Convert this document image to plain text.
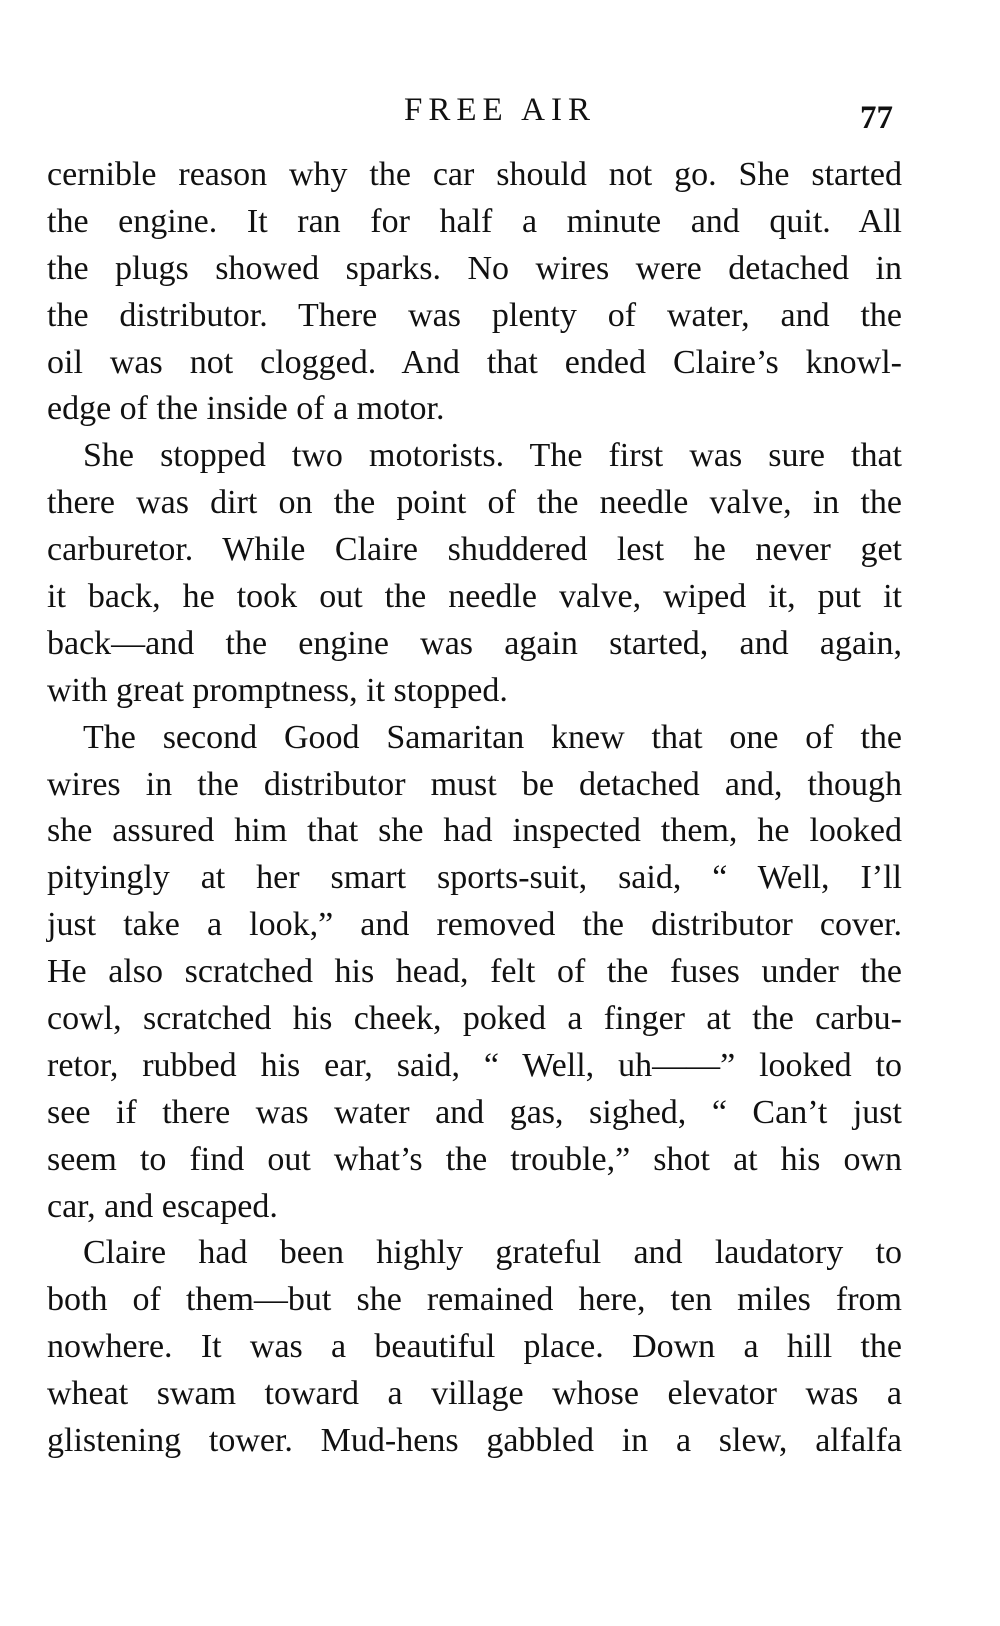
FREE AIR	77
cernible reason why the car should not go. She started
the engine. It ran for half a minute and quit. All
the plugs showed sparks. No wires were detached in
the distributor. There was plenty of water, and the
oil was not clogged. And that ended Claire’s knowl-
edge of the inside of a motor.
She stopped two motorists. The first was sure that
there was dirt on the point of the needle valve, in the
carburetor. While Claire shuddered lest he never get
it back, he took out the needle valve, wiped it, put it
back—and the engine was again started, and again,
with great promptness, it stopped.
The second Good Samaritan knew that one of the
wires in the distributor must be detached and, though
she assured him that she had inspected them, he looked
pityingly at her smart sports-suit, said, “ Well, I’ll
just take a look,” and removed the distributor cover.
He also scratched his head, felt of the fuses under the
cowl, scratched his cheek, poked a finger at the carbu-
retor, rubbed his ear, said, “ Well, uh——” looked to
see if there was water and gas, sighed, “ Can’t just
seem to find out what’s the trouble,” shot at his own
car, and escaped.
Claire had been highly grateful and laudatory to
both of them—but she remained here, ten miles from
nowhere. It was a beautiful place. Down a hill the
wheat swam toward a village whose elevator was a
glistening tower. Mud-hens gabbled in a slew, alfalfa
